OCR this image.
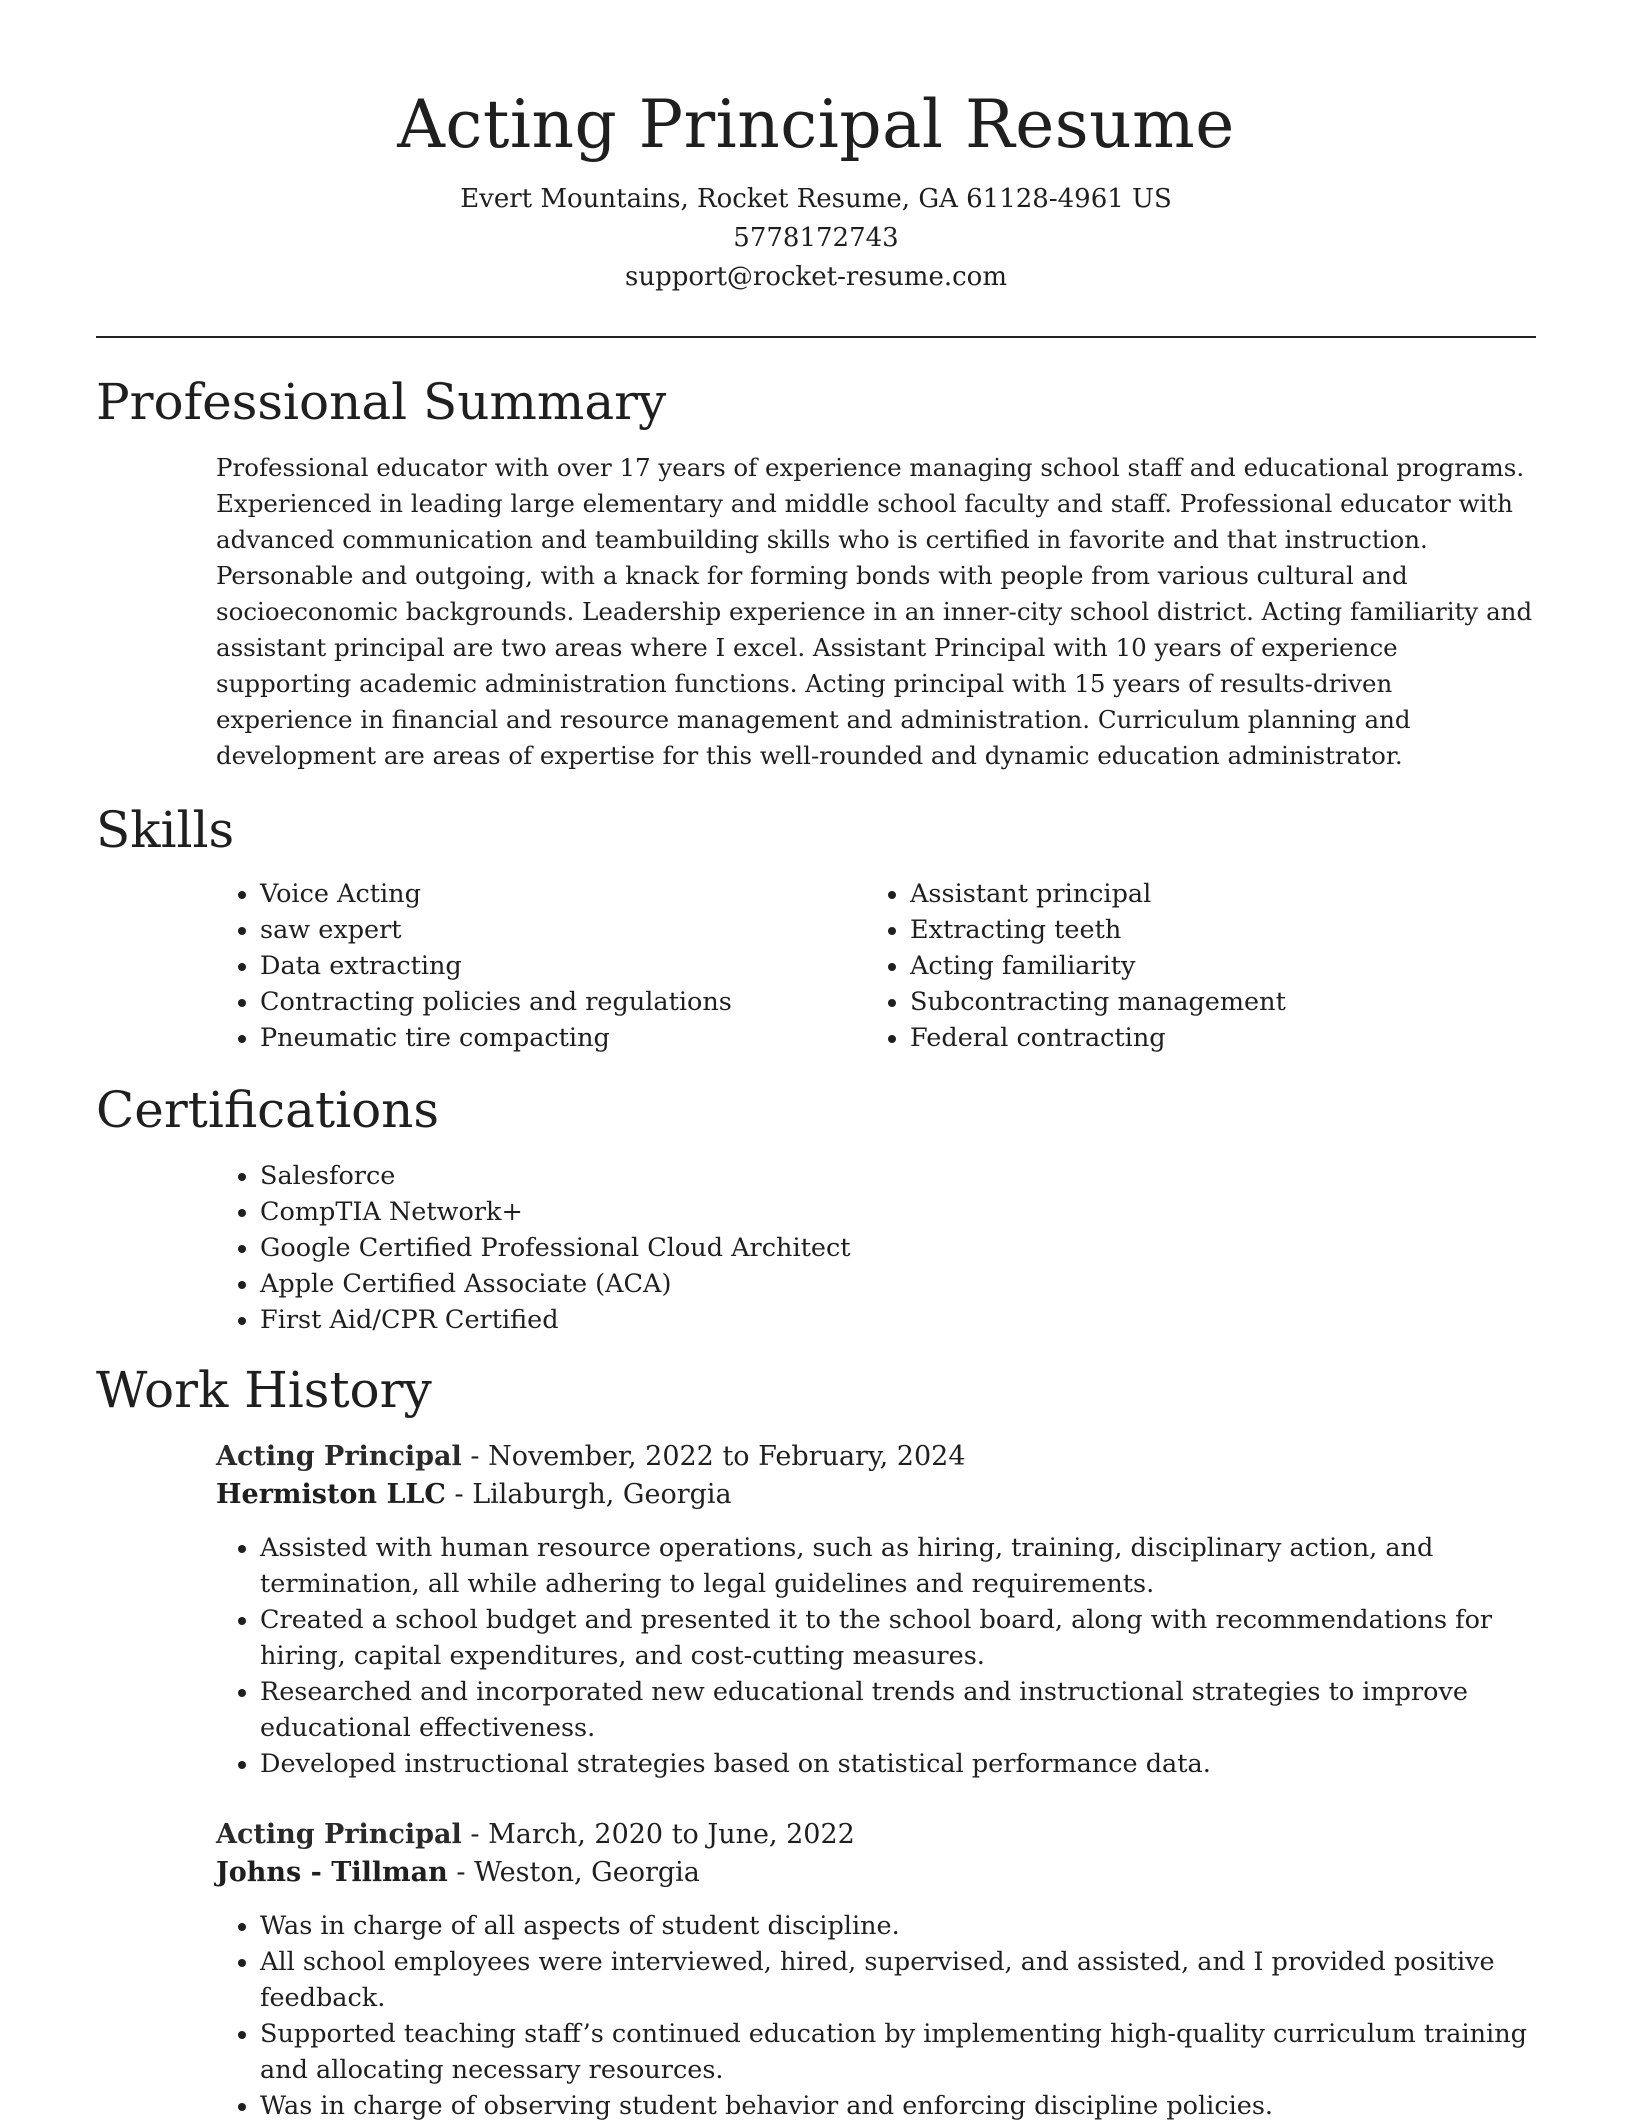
Acting Principal Resume

Evert Mountains, Rocket Resume, GA 61128-4961 US

5778172743

support@rocket-resume.com

Professional Summary

Professional educator with over 17 years of experience managing school staff and educational programs. Experienced in leading large elementary and middle school faculty and staff. Professional educator with advanced communication and teambuilding skills who is certified in favorite and that instruction. Personable and outgoing, with a knack for forming bonds with people from various cultural and socioeconomic backgrounds. Leadership experience in an inner-city school district. Acting familiarity and assistant principal are two areas where I excel. Assistant Principal with 10 years of experience supporting academic administration functions. Acting principal with 15 years of results-driven experience in financial and resource management and administration. Curriculum planning and development are areas of expertise for this well-rounded and dynamic education administrator.

Skills
• Voice Acting
• saw expert
• Data extracting
• Contracting policies and regulations
• Pneumatic tire compacting
• Assistant principal
• Extracting teeth
• Acting familiarity
• Subcontracting management
• Federal contracting
Certifications
• Salesforce
• CompTIA Network+
• Google Certified Professional Cloud Architect
• Apple Certified Associate (ACA)
• First Aid/CPR Certified
Work History

Acting Principal - November, 2022 to February, 2024

Hermiston LLC - Lilaburgh, Georgia

• Assisted with human resource operations, such as hiring, training, disciplinary action, and termination, all while adhering to legal guidelines and requirements.
• Created a school budget and presented it to the school board, along with recommendations for hiring, capital expenditures, and cost-cutting measures.
• Researched and incorporated new educational trends and instructional strategies to improve educational effectiveness.
• Developed instructional strategies based on statistical performance data.

Acting Principal - March, 2020 to June, 2022

Johns - Tillman - Weston, Georgia

• Was in charge of all aspects of student discipline.
• All school employees were interviewed, hired, supervised, and assisted, and I provided positive feedback.
• Supported teaching staff’s continued education by implementing high-quality curriculum training and allocating necessary resources.
• Was in charge of observing student behavior and enforcing discipline policies.
